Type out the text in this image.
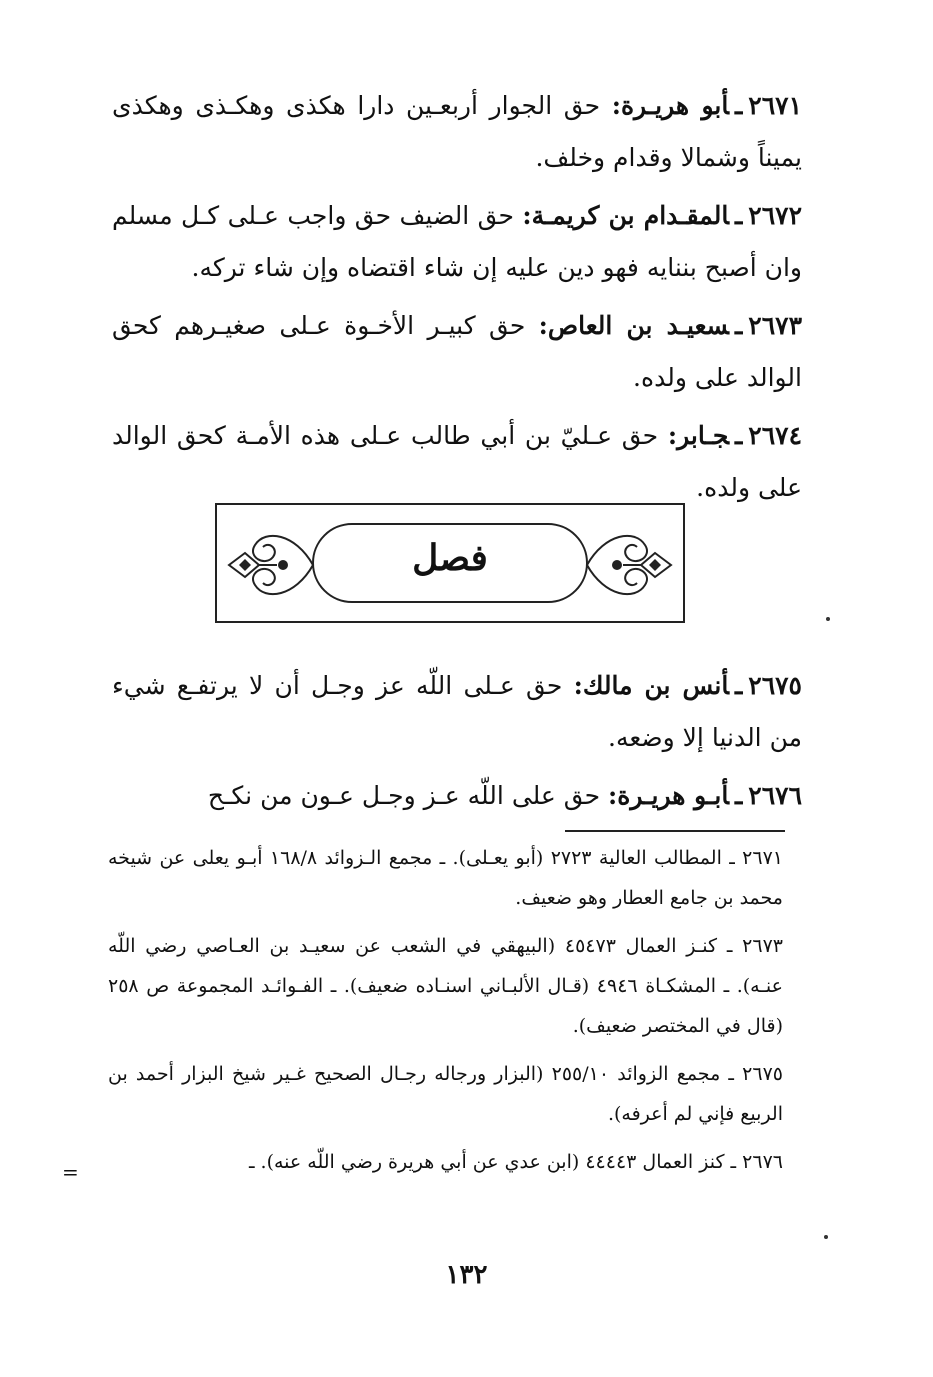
٢٦٧١ـأبو هريـرة: حق الجوار أربعـين دارا هكذى وهكـذى وهكذى يميناً وشمالا وقدام وخلف.

٢٦٧٢ـالمقـدام بن كريمـة: حق الضيف حق واجب عـلى كـل مسلم وان أصبح بننايه فهو دين عليه إن شاء اقتضاه وإن شاء تركه.

٢٦٧٣ـسعيـد بن العاص: حق كبيـر الأخـوة عـلى صغيـرهم كحق الوالد على ولده.

٢٦٧٤ـجـابر: حق عـليّ بن أبي طالب عـلى هذه الأمـة كحق الوالد على ولده.

فصل

٢٦٧٥ـأنس بن مالك: حق عـلى اللّه عز وجـل أن لا يرتفـع شيء من الدنيا إلا وضعه.

٢٦٧٦ـأبـو هريـرة: حق على اللّه عـز وجـل عـون من نكـح

٢٦٧١ ـ المطالب العالية ٢٧٢٣ (أبو يعـلى). ـ مجمع الـزوائد ١٦٨/٨ أبـو يعلى عن شيخه محمد بن جامع العطار وهو ضعيف.

٢٦٧٣ ـ كنـز العمال ٤٥٤٧٣ (البيهقي في الشعب عن سعيـد بن العـاصي رضي اللّه عنـه). ـ المشكـاة ٤٩٤٦ (قـال الألبـاني اسنـاده ضعيف). ـ الفـوائـد المجموعة ص ٢٥٨ (قال في المختصر ضعيف).

٢٦٧٥ ـ مجمع الزوائد ٢٥٥/١٠ (البزار ورجاله رجـال الصحيح غـير شيخ البزار أحمد بن الربيع فإني لم أعرفه).

٢٦٧٦ ـ كنز العمال ٤٤٤٤٣ (ابن عدي عن أبي هريرة رضي اللّه عنه). ـ

=
١٣٢
